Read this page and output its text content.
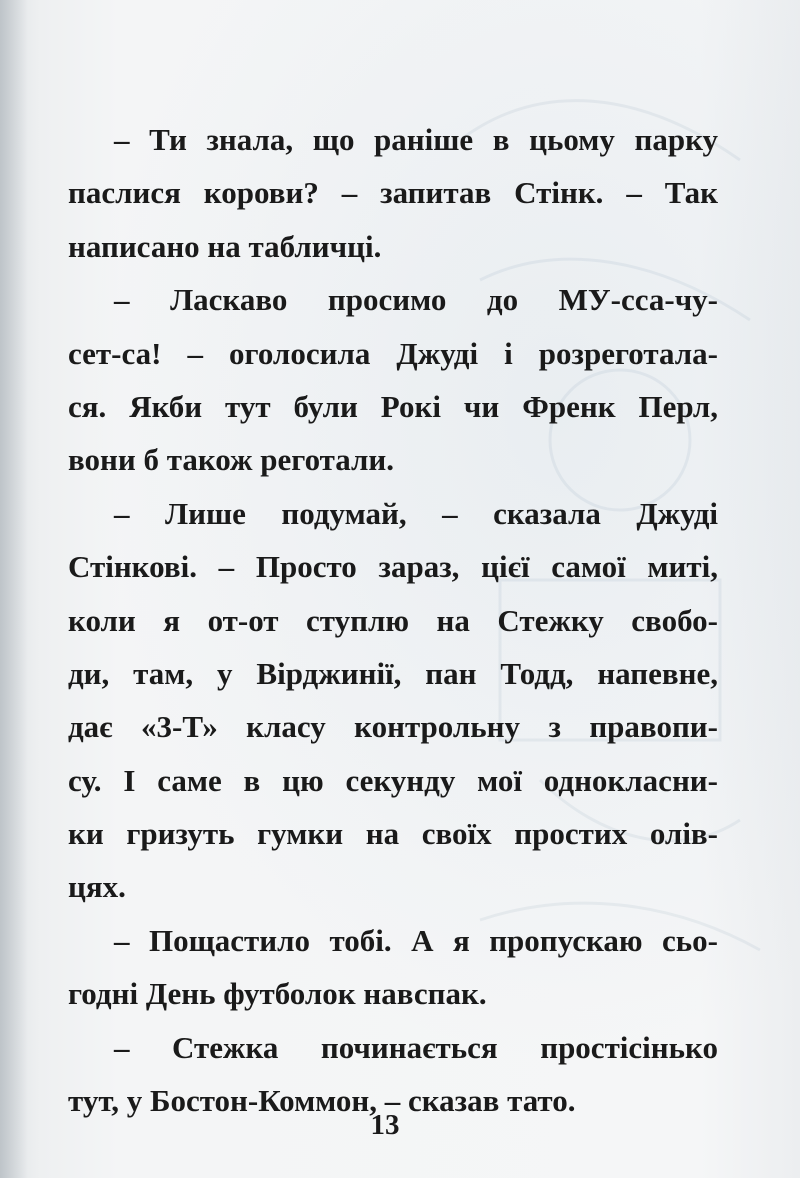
– Ти знала, що раніше в цьому парку
паслися корови? – запитав Стінк. – Так
написано на табличці.
– Ласкаво просимо до МУ-сса-чу-
сет-са! – оголосила Джуді і розреготала-
ся. Якби тут були Рокі чи Френк Перл,
вони б також реготали.
– Лише подумай, – сказала Джуді
Стінкові. – Просто зараз, цієї самої миті,
коли я от-от ступлю на Стежку свобо-
ди, там, у Вірджинії, пан Тодд, напевне,
дає «3-Т» класу контрольну з правопи-
су. І саме в цю секунду мої однокласни-
ки гризуть гумки на своїх простих олів-
цях.
– Пощастило тобі. А я пропускаю сьо-
годні День футболок навспак.
– Стежка починається простісінько
тут, у Бостон-Коммон, – сказав тато.
13
